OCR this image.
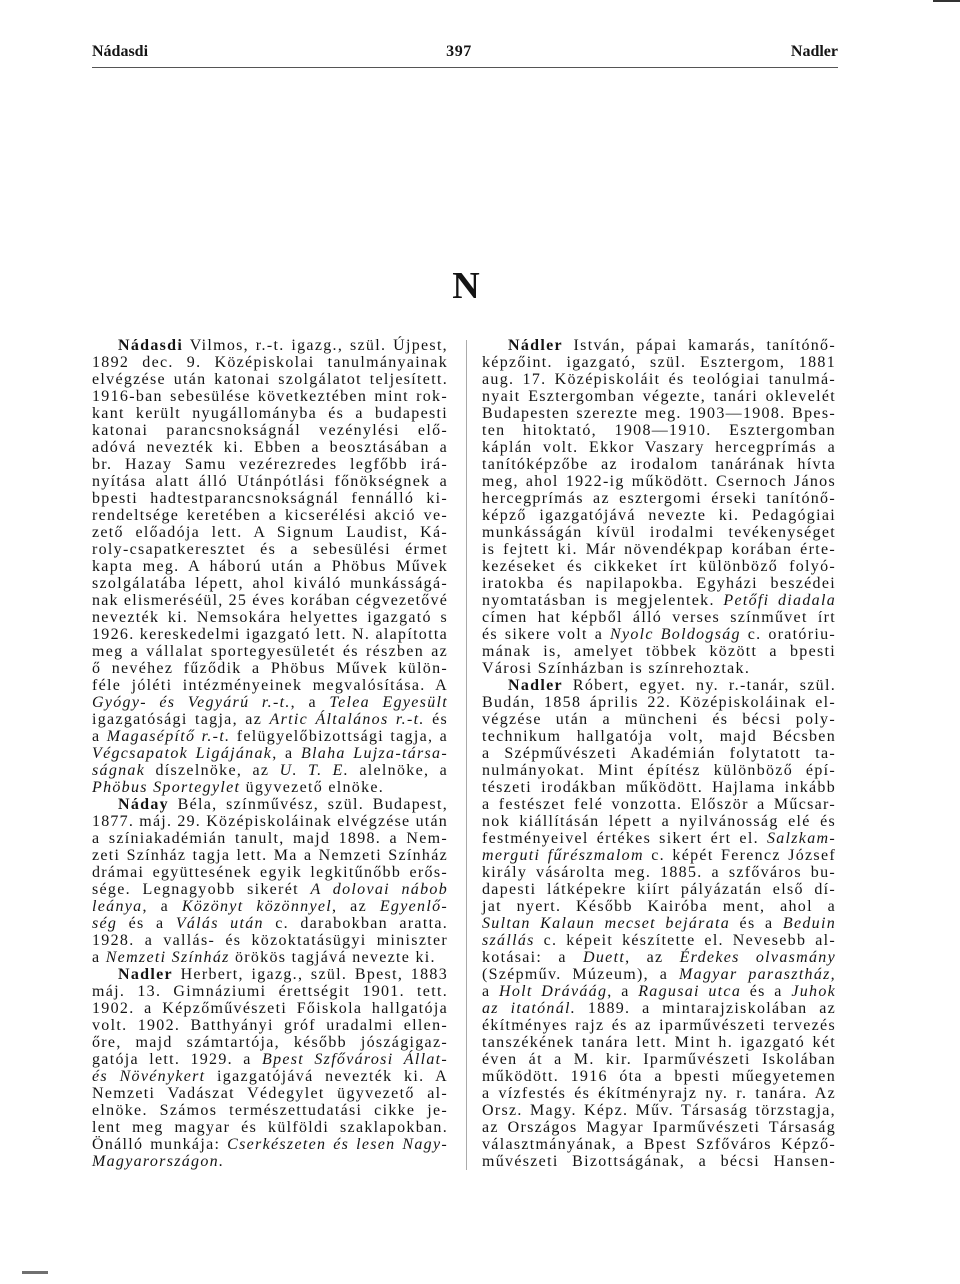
Nádasdi	397	Nadler
N
Nádasdi Vilmos, r.-t. igazg., szül. Újpest,
1892 dec. 9. Középiskolai tanulmányainak
elvégzése után katonai szolgálatot teljesített.
1916-ban sebesülése következtében mint rok-
kant került nyugállományba és a budapesti
katonai parancsnokságnál vezénylési elő-
adóvá nevezték ki. Ebben a beosztásában a
br. Hazay Samu vezérezredes legfőbb irá-
nyítása alatt álló Utánpótlási főnökségnek a
bpesti hadtestparancsnokságnál fennálló ki-
rendeltsége keretében a kicserélési akció ve-
zető előadója lett. A Signum Laudist, Ká-
roly-csapatkeresztet és a sebesülési érmet
kapta meg. A háború után a Phöbus Művek
szolgálatába lépett, ahol kiváló munkásságá-
nak elismeréséül, 25 éves korában cégvezetővé
nevezték ki. Nemsokára helyettes igazgató s
1926. kereskedelmi igazgató lett. N. alapította
meg a vállalat sportegyesületét és részben az
ő nevéhez fűződik a Phöbus Művek külön-
féle jóléti intézményeinek megvalósítása. A
Gyógy- és Vegyárú r.-t., a Telea Egyesült
igazgatósági tagja, az Artic Általános r.-t. és
a Magasépítő r.-t. felügyelőbizottsági tagja, a
Végcsapatok Ligájának, a Blaha Lujza-társa-
ságnak díszelnöke, az U. T. E. alelnöke, a
Phöbus Sportegylet ügyvezető elnöke.
Náday Béla, színművész, szül. Budapest,
1877. máj. 29. Középiskoláinak elvégzése után
a színiakadémián tanult, majd 1898. a Nem-
zeti Színház tagja lett. Ma a Nemzeti Színház
drámai együttesének egyik legkitűnőbb erős-
sége. Legnagyobb sikerét A dolovai nábob
leánya, a Közönyt közönnyel, az Egyenlő-
ség és a Válás után c. darabokban aratta.
1928. a vallás- és közoktatásügyi miniszter
a Nemzeti Színház örökös tagjává nevezte ki.
Nadler Herbert, igazg., szül. Bpest, 1883
máj. 13. Gimnáziumi érettségit 1901. tett.
1902. a Képzőművészeti Főiskola hallgatója
volt. 1902. Batthyányi gróf uradalmi ellen-
őre, majd számtartója, később jószágigaz-
gatója lett. 1929. a Bpest Szfővárosi Állat-
és Növénykert igazgatójává nevezték ki. A
Nemzeti Vadászat Védegylet ügyvezető al-
elnöke. Számos természettudatási cikke je-
lent meg magyar és külföldi szaklapokban.
Önálló munkája: Cserkészeten és lesen Nagy-
Magyarországon.
Nádler István, pápai kamarás, tanítónő-
képzőint. igazgató, szül. Esztergom, 1881
aug. 17. Középiskoláit és teológiai tanulmá-
nyait Esztergomban végezte, tanári oklevelét
Budapesten szerezte meg. 1903—1908. Bpes-
ten hitoktató, 1908—1910. Esztergomban
káplán volt. Ekkor Vaszary hercegprímás a
tanítóképzőbe az irodalom tanárának hívta
meg, ahol 1922-ig működött. Csernoch János
hercegprímás az esztergomi érseki tanítónő-
képző igazgatójává nevezte ki. Pedagógiai
munkásságán kívül irodalmi tevékenységet
is fejtett ki. Már növendékpap korában érte-
kezéseket és cikkeket írt különböző folyó-
iratokba és napilapokba. Egyházi beszédei
nyomtatásban is megjelentek. Petőfi diadala
címen hat képből álló verses színművet írt
és sikere volt a Nyolc Boldogság c. oratóriu-
mának is, amelyet többek között a bpesti
Városi Színházban is színrehoztak.
Nadler Róbert, egyet. ny. r.-tanár, szül.
Budán, 1858 április 22. Középiskoláinak el-
végzése után a müncheni és bécsi poly-
technikum hallgatója volt, majd Bécsben
a Szépművészeti Akadémián folytatott ta-
nulmányokat. Mint építész különböző épí-
tészeti irodákban működött. Hajlama inkább
a festészet felé vonzotta. Először a Műcsar-
nok kiállításán lépett a nyilvánosság elé és
festményeivel értékes sikert ért el. Salzkam-
merguti fűrészmalom c. képét Ferencz József
király vásárolta meg. 1885. a szfőváros bu-
dapesti látképekre kiírt pályázatán első dí-
jat nyert. Később Kairóba ment, ahol a
Sultan Kalaun mecset bejárata és a Beduin
szállás c. képeit készítette el. Nevesebb al-
kotásai: a Duett, az Érdekes olvasmány
(Szépműv. Múzeum), a Magyar parasztház,
a Holt Dráváág, a Ragusai utca és a Juhok
az itatónál. 1889. a mintarajziskolában az
ékítményes rajz és az iparművészeti tervezés
tanszékének tanára lett. Mint h. igazgató két
éven át a M. kir. Iparművészeti Iskolában
működött. 1916 óta a bpesti műegyetemen
a vízfestés és ékítményrajz ny. r. tanára. Az
Orsz. Magy. Képz. Műv. Társaság törzstagja,
az Országos Magyar Iparművészeti Társaság
választmányának, a Bpest Szfőváros Képző-
művészeti Bizottságának, a bécsi Hansen-
